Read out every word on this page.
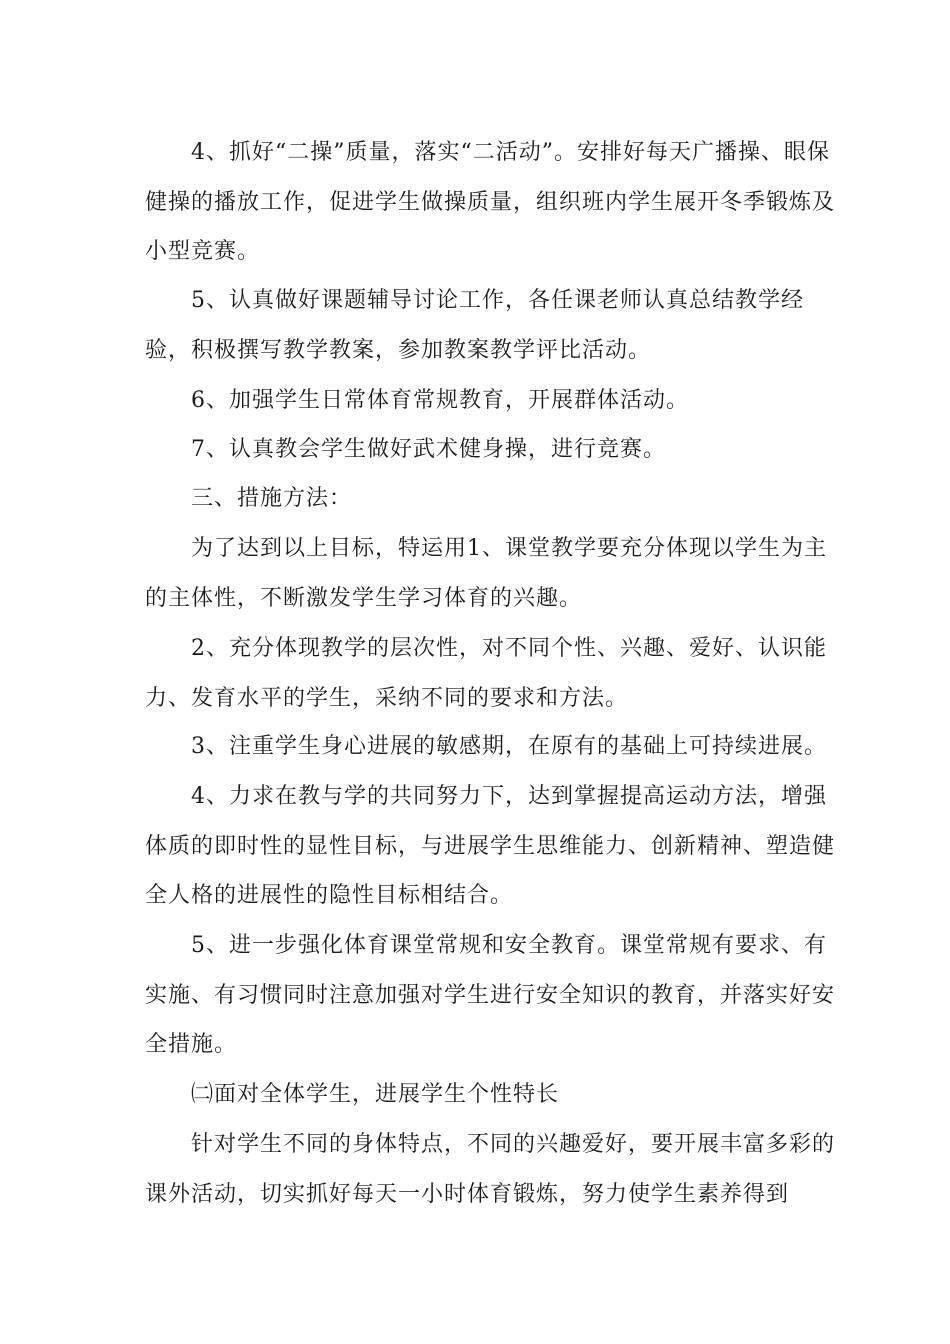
4、抓好“二操”质量，落实“二活动”。安排好每天广播操、眼保健操的播放工作，促进学生做操质量，组织班内学生展开冬季锻炼及小型竞赛。

5、认真做好课题辅导讨论工作，各任课老师认真总结教学经验，积极撰写教学教案，参加教案教学评比活动。

6、加强学生日常体育常规教育，开展群体活动。

7、认真教会学生做好武术健身操，进行竞赛。

三、措施方法：

为了达到以上目标，特运用1、课堂教学要充分体现以学生为主的主体性，不断激发学生学习体育的兴趣。

2、充分体现教学的层次性，对不同个性、兴趣、爱好、认识能力、发育水平的学生，采纳不同的要求和方法。

3、注重学生身心进展的敏感期，在原有的基础上可持续进展。

4、力求在教与学的共同努力下，达到掌握提高运动方法，增强体质的即时性的显性目标，与进展学生思维能力、创新精神、塑造健全人格的进展性的隐性目标相结合。

5、进一步强化体育课堂常规和安全教育。课堂常规有要求、有实施、有习惯同时注意加强对学生进行安全知识的教育，并落实好安全措施。

㈡面对全体学生，进展学生个性特长

针对学生不同的身体特点，不同的兴趣爱好，要开展丰富多彩的课外活动，切实抓好每天一小时体育锻炼，努力使学生素养得到
